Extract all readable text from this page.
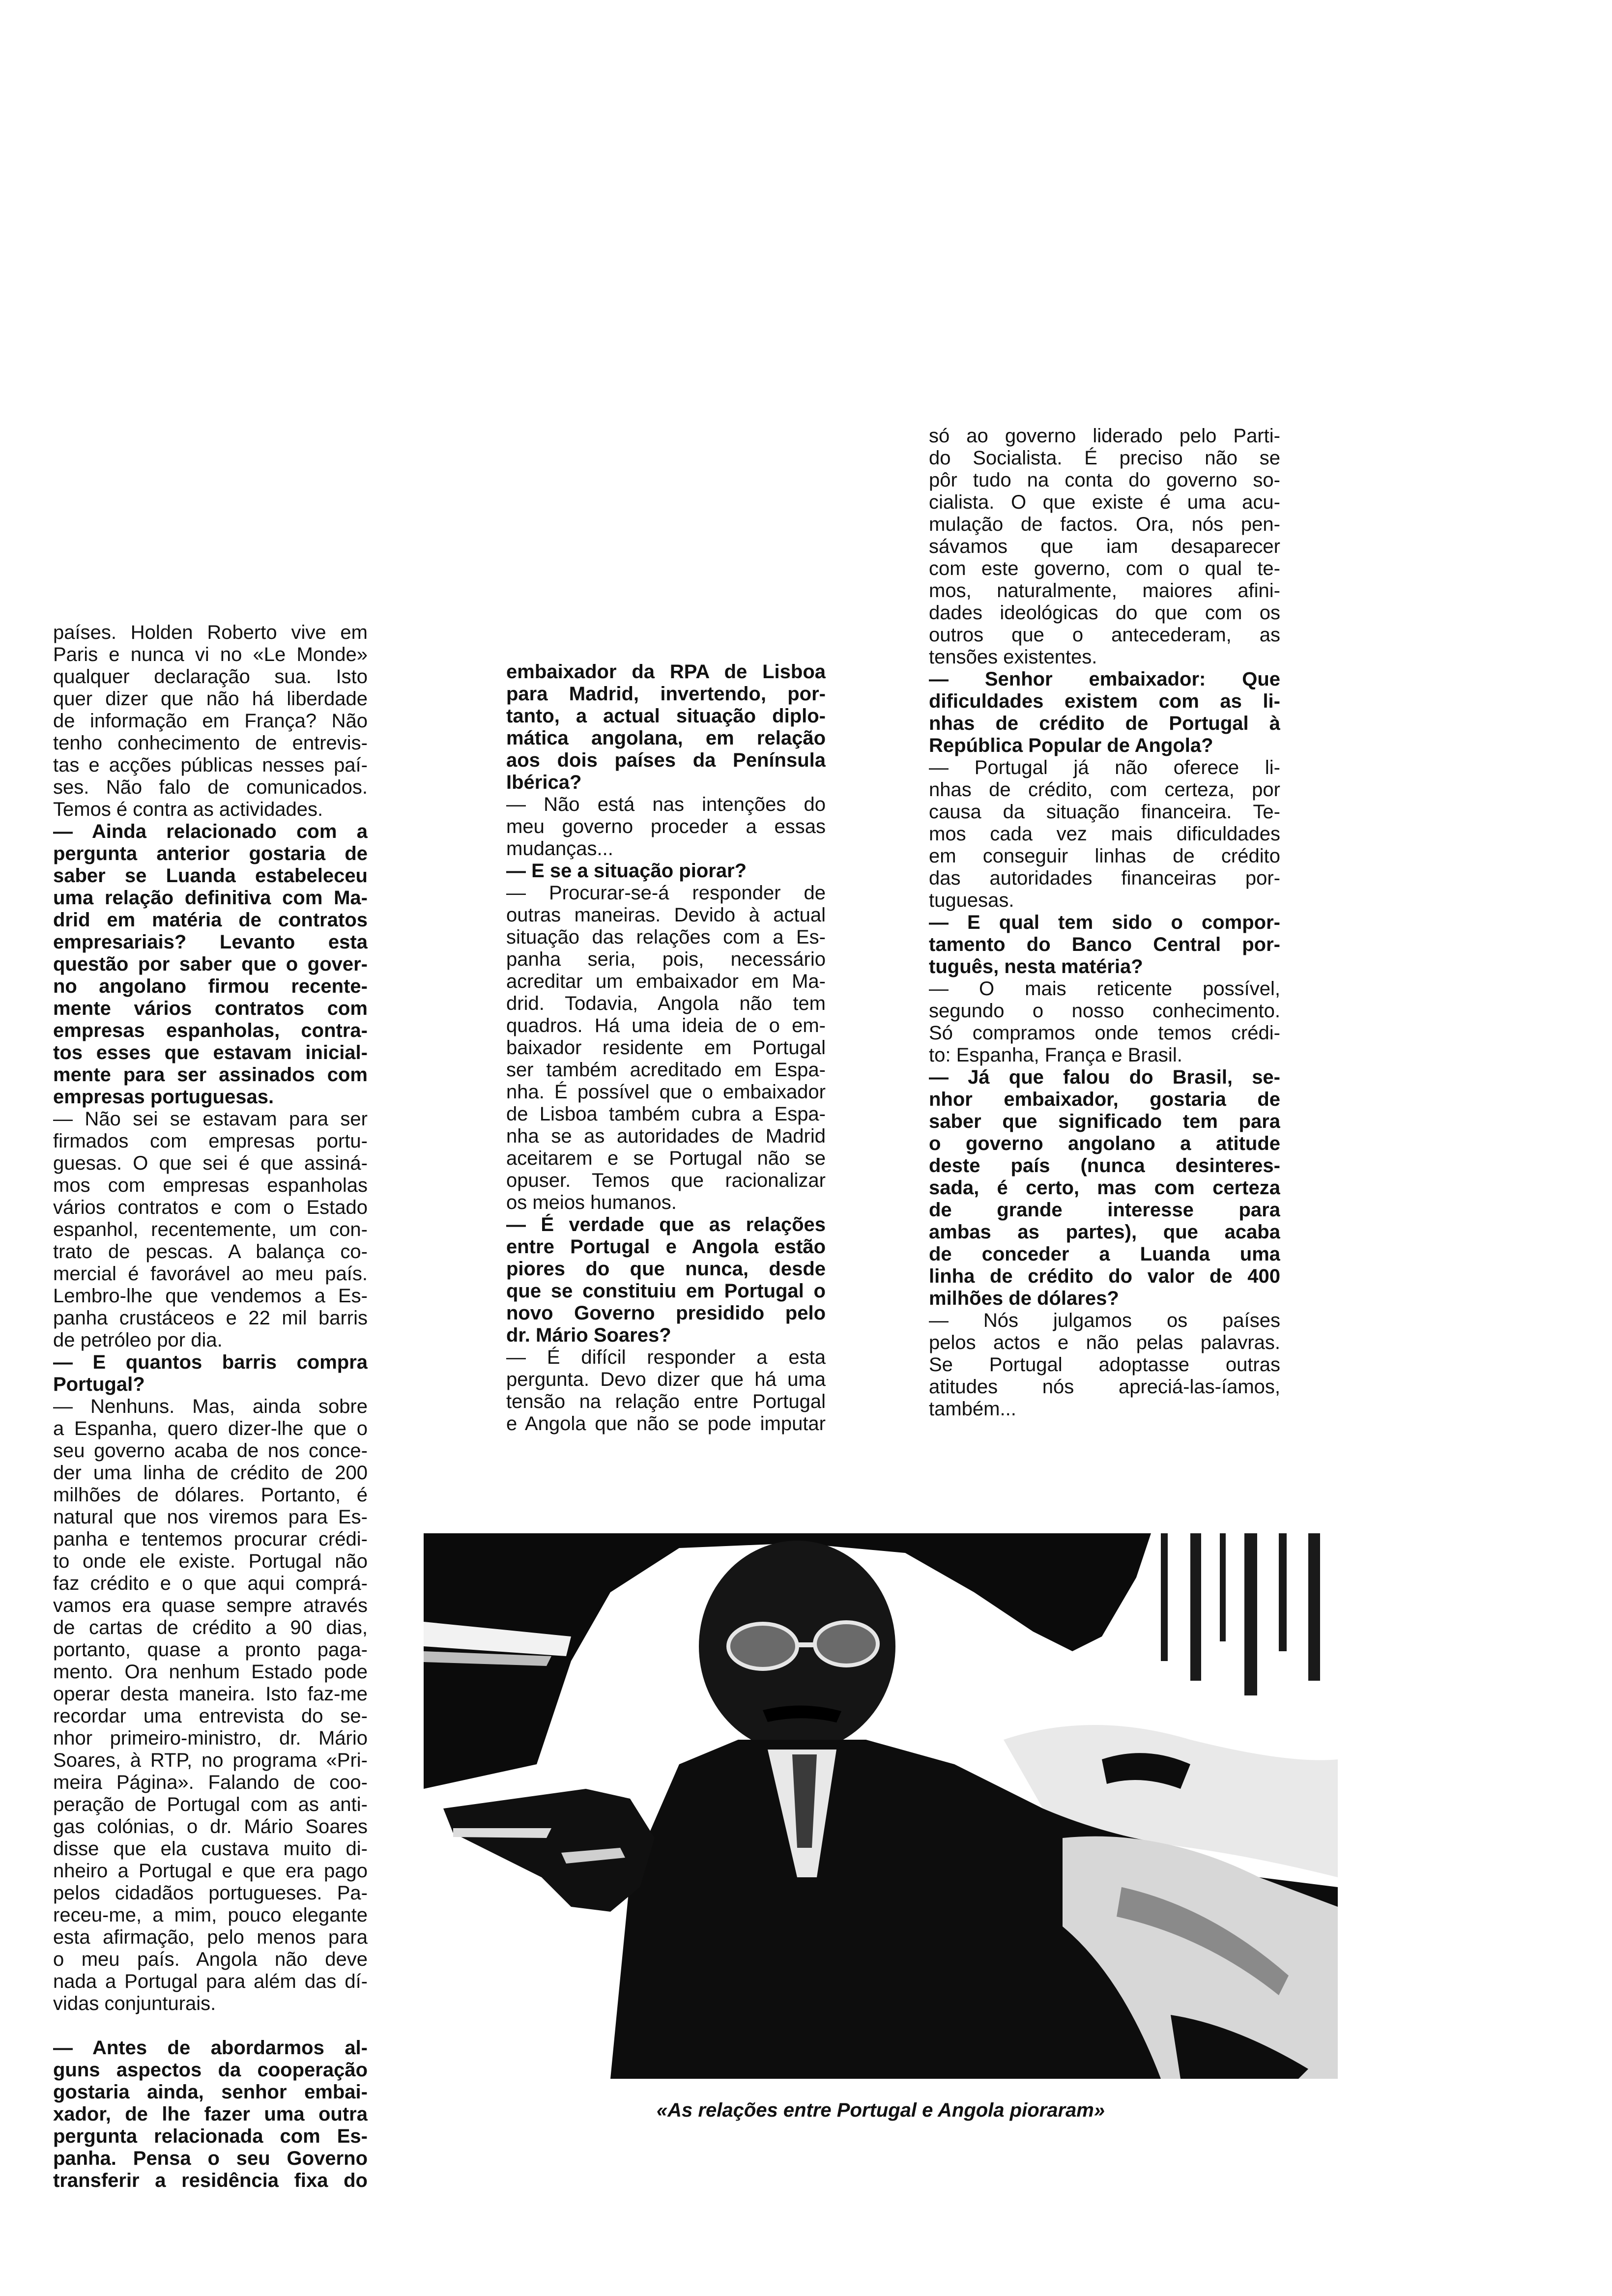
países. Holden Roberto vive em
Paris e nunca vi no «Le Monde»
qualquer declaração sua. Isto
quer dizer que não há liberdade
de informação em França? Não
tenho conhecimento de entrevis-
tas e acções públicas nesses paí-
ses. Não falo de comunicados.
Temos é contra as actividades.
— Ainda relacionado com a
pergunta anterior gostaria de
saber se Luanda estabeleceu
uma relação definitiva com Ma-
drid em matéria de contratos
empresariais? Levanto esta
questão por saber que o gover-
no angolano firmou recente-
mente vários contratos com
empresas espanholas, contra-
tos esses que estavam inicial-
mente para ser assinados com
empresas portuguesas.
— Não sei se estavam para ser
firmados com empresas portu-
guesas. O que sei é que assiná-
mos com empresas espanholas
vários contratos e com o Estado
espanhol, recentemente, um con-
trato de pescas. A balança co-
mercial é favorável ao meu país.
Lembro-lhe que vendemos a Es-
panha crustáceos e 22 mil barris
de petróleo por dia.
— E quantos barris compra
Portugal?
— Nenhuns. Mas, ainda sobre
a Espanha, quero dizer-lhe que o
seu governo acaba de nos conce-
der uma linha de crédito de 200
milhões de dólares. Portanto, é
natural que nos viremos para Es-
panha e tentemos procurar crédi-
to onde ele existe. Portugal não
faz crédito e o que aqui comprá-
vamos era quase sempre através
de cartas de crédito a 90 dias,
portanto, quase a pronto paga-
mento. Ora nenhum Estado pode
operar desta maneira. Isto faz-me
recordar uma entrevista do se-
nhor primeiro-ministro, dr. Mário
Soares, à RTP, no programa «Pri-
meira Página». Falando de coo-
peração de Portugal com as anti-
gas colónias, o dr. Mário Soares
disse que ela custava muito di-
nheiro a Portugal e que era pago
pelos cidadãos portugueses. Pa-
receu-me, a mim, pouco elegante
esta afirmação, pelo menos para
o meu país. Angola não deve
nada a Portugal para além das dí-
vidas conjunturais.
— Antes de abordarmos al-
guns aspectos da cooperação
gostaria ainda, senhor embai-
xador, de lhe fazer uma outra
pergunta relacionada com Es-
panha. Pensa o seu Governo
transferir a residência fixa do
embaixador da RPA de Lisboa
para Madrid, invertendo, por-
tanto, a actual situação diplo-
mática angolana, em relação
aos dois países da Península
Ibérica?
— Não está nas intenções do
meu governo proceder a essas
mudanças...
— E se a situação piorar?
— Procurar-se-á responder de
outras maneiras. Devido à actual
situação das relações com a Es-
panha seria, pois, necessário
acreditar um embaixador em Ma-
drid. Todavia, Angola não tem
quadros. Há uma ideia de o em-
baixador residente em Portugal
ser também acreditado em Espa-
nha. É possível que o embaixador
de Lisboa também cubra a Espa-
nha se as autoridades de Madrid
aceitarem e se Portugal não se
opuser. Temos que racionalizar
os meios humanos.
— É verdade que as relações
entre Portugal e Angola estão
piores do que nunca, desde
que se constituiu em Portugal o
novo Governo presidido pelo
dr. Mário Soares?
— É difícil responder a esta
pergunta. Devo dizer que há uma
tensão na relação entre Portugal
e Angola que não se pode imputar
só ao governo liderado pelo Parti-
do Socialista. É preciso não se
pôr tudo na conta do governo so-
cialista. O que existe é uma acu-
mulação de factos. Ora, nós pen-
sávamos que iam desaparecer
com este governo, com o qual te-
mos, naturalmente, maiores afini-
dades ideológicas do que com os
outros que o antecederam, as
tensões existentes.
— Senhor embaixador: Que
dificuldades existem com as li-
nhas de crédito de Portugal à
República Popular de Angola?
— Portugal já não oferece li-
nhas de crédito, com certeza, por
causa da situação financeira. Te-
mos cada vez mais dificuldades
em conseguir linhas de crédito
das autoridades financeiras por-
tuguesas.
— E qual tem sido o compor-
tamento do Banco Central por-
tuguês, nesta matéria?
— O mais reticente possível,
segundo o nosso conhecimento.
Só compramos onde temos crédi-
to: Espanha, França e Brasil.
— Já que falou do Brasil, se-
nhor embaixador, gostaria de
saber que significado tem para
o governo angolano a atitude
deste país (nunca desinteres-
sada, é certo, mas com certeza
de grande interesse para
ambas as partes), que acaba
de conceder a Luanda uma
linha de crédito do valor de 400
milhões de dólares?
— Nós julgamos os países
pelos actos e não pelas palavras.
Se Portugal adoptasse outras
atitudes nós apreciá-las-íamos,
também...
«As relações entre Portugal e Angola pioraram»
